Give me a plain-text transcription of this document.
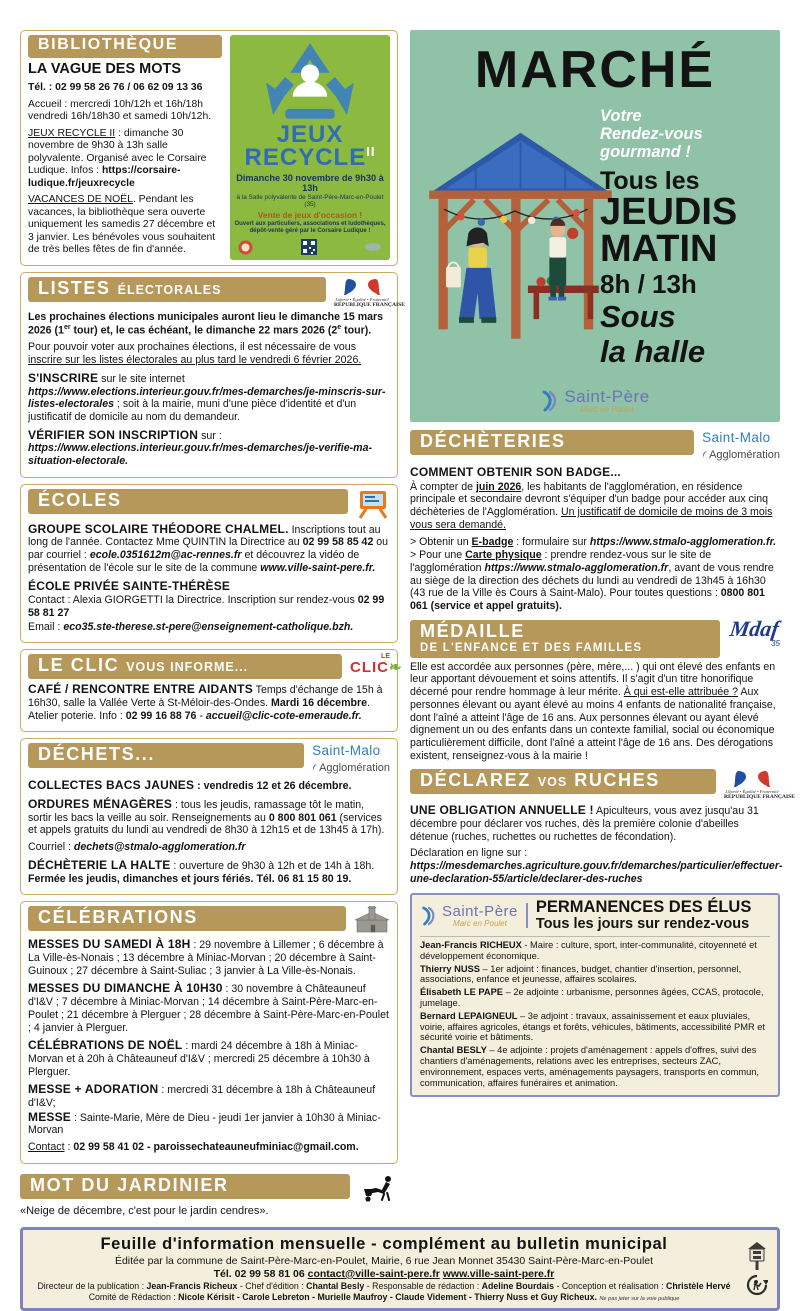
BIBLIOTHÈQUE

LA VAGUE DES MOTS

Tél. : 02 99 58 26 76 / 06 62 09 13 36

Accueil : mercredi 10h/12h et 16h/18h vendredi 16h/18h30 et samedi 10h/12h.

JEUX RECYCLE II : dimanche 30 novembre de 9h30 à 13h salle polyvalente. Organisé avec le Corsaire Ludique. Infos : https://corsaire-ludique.fr/jeuxrecycle

VACANCES DE NOËL. Pendant les vacances, la bibliothèque sera ouverte uniquement les samedis 27 décembre et 3 janvier. Les bénévoles vous souhaitent de très belles fêtes de fin d'année.

JEUX
$RECYCLE^{II}$
Dimanche 30 novembre de 9h30 à 13h
à la Salle polyvalente de Saint-Père-Marc-en-Poulet (35)
Vente de jeux d'occasion !
Ouvert aux particuliers, associations et ludothèques,
dépôt-vente géré par le Corsaire Ludique !
LISTES ÉLECTORALES
Liberté • Égalité • Fraternité
RÉPUBLIQUE FRANÇAISE

Les prochaines élections municipales auront lieu le dimanche 15 mars 2026 (1er tour) et, le cas échéant, le dimanche 22 mars 2026 (2e tour).

Pour pouvoir voter aux prochaines élections, il est nécessaire de vous inscrire sur les listes électorales au plus tard le vendredi 6 février 2026.

S'INSCRIRE sur le site internet https://www.elections.interieur.gouv.fr/mes-demarches/je-minscris-sur-listes-electorales ; soit à la mairie, muni d'une pièce d'identité et d'un justificatif de domicile au nom du demandeur.

VÉRIFIER SON INSCRIPTION sur : https://www.elections.interieur.gouv.fr/mes-demarches/je-verifie-ma-situation-electorale.

ÉCOLES

GROUPE SCOLAIRE THÉODORE CHALMEL. Inscriptions tout au long de l'année. Contactez Mme QUINTIN la Directrice au 02 99 58 85 42 ou par courriel : ecole.0351612m@ac-rennes.fr et découvrez la vidéo de présentation de l'école sur le site de la commune www.ville-saint-pere.fr.

ÉCOLE PRIVÉE SAINTE-THÉRÈSE

Contact : Alexia GIORGETTI la Directrice. Inscription sur rendez-vous 02 99 58 81 27

Email : eco35.ste-therese.st-pere@enseignement-catholique.bzh.

LE CLIC VOUS INFORME...
LE
CLIC❧

CAFÉ / RENCONTRE ENTRE AIDANTS Temps d'échange de 15h à 16h30, salle la Vallée Verte à St-Méloir-des-Ondes. Mardi 16 décembre. Atelier poterie. Info : 02 99 16 88 76 - accueil@clic-cote-emeraude.fr.

DÉCHETS...	Saint-Malo
Agglomération

COLLECTES BACS JAUNES : vendredis 12 et 26 décembre.

ORDURES MÉNAGÈRES : tous les jeudis, ramassage tôt le matin, sortir les bacs la veille au soir. Renseignements au 0 800 801 061 (services et appels gratuits du lundi au vendredi de 8h30 à 12h15 et de 13h45 à 17h).

Courriel : dechets@stmalo-agglomeration.fr

DÉCHÈTERIE LA HALTE : ouverture de 9h30 à 12h et de 14h à 18h. Fermée les jeudis, dimanches et jours fériés. Tél. 06 81 15 80 19.

CÉLÉBRATIONS

MESSES DU SAMEDI À 18H : 29 novembre à Lillemer ; 6 décembre à La Ville-ès-Nonais ; 13 décembre à Miniac-Morvan ; 20 décembre à Saint-Guinoux ; 27 décembre à Saint-Suliac ; 3 janvier à La Ville-ès-Nonais.

MESSES DU DIMANCHE À 10H30 : 30 novembre à Châteauneuf d'I&V ; 7 décembre à Miniac-Morvan ; 14 décembre à Saint-Père-Marc-en-Poulet ; 21 décembre à Plerguer ; 28 décembre à Saint-Père-Marc-en-Poulet ; 4 janvier à Plerguer.

CÉLÉBRATIONS DE NOËL : mardi 24 décembre à 18h à Miniac-Morvan et à 20h à Châteauneuf d'I&V ; mercredi 25 décembre à 10h30 à Plerguer.

MESSE + ADORATION : mercredi 31 décembre à 18h à Châteauneuf d'I&V;

MESSE : Sainte-Marie, Mère de Dieu - jeudi 1er janvier à 10h30 à Miniac-Morvan

Contact : 02 99 58 41 02 - paroissechateauneufminiac@gmail.com.

MOT DU JARDINIER

«Neige de décembre, c'est pour le jardin cendres».

MARCHÉ
Votre
Rendez-vous
gourmand !
Tous les
JEUDIS
MATIN
8h / 13h
Sous
la halle
Saint-Père
Marc en Poulet
DÉCHÈTERIES	Saint-Malo
Agglomération

COMMENT OBTENIR SON BADGE...

À compter de juin 2026, les habitants de l'agglomération, en résidence principale et secondaire devront s'équiper d'un badge pour accéder aux cinq déchèteries de l'Agglomération. Un justificatif de domicile de moins de 3 mois vous sera demandé.

> Obtenir un E-badge : formulaire sur https://www.stmalo-agglomeration.fr.

> Pour une Carte physique : prendre rendez-vous sur le site de l'agglomération https://www.stmalo-agglomeration.fr, avant de vous rendre au siège de la direction des déchets du lundi au vendredi de 13h45 à 16h30 (43 rue de la Ville ès Cours à Saint-Malo). Pour toutes questions : 0800 801 061 (service et appel gratuits).

MÉDAILLE
DE L'ENFANCE ET DES FAMILLES
Mdaf
35

Elle est accordée aux personnes (père, mère,... ) qui ont élevé des enfants en leur apportant dévouement et soins attentifs. Il s'agit d'un titre honorifique décerné pour rendre hommage à leur mérite. À qui est-elle attribuée ? Aux personnes élevant ou ayant élevé au moins 4 enfants de nationalité française, dont l'aîné a atteint l'âge de 16 ans. Aux personnes élevant ou ayant élevé dignement un ou des enfants dans un contexte familial, social ou économique particulièrement difficile, dont l'aîné a atteint l'âge de 16 ans. Des dérogations existent, renseignez-vous à la mairie !

DÉCLAREZ VOS RUCHES
Liberté • Égalité • Fraternité
RÉPUBLIQUE FRANÇAISE

UNE OBLIGATION ANNUELLE ! Apiculteurs, vous avez jusqu'au 31 décembre pour déclarer vos ruches, dès la première colonie d'abeilles détenue (ruches, ruchettes ou ruchettes de fécondation).

Déclaration en ligne sur : https://mesdemarches.agriculture.gouv.fr/demarches/particulier/effectuer-une-declaration-55/article/declarer-des-ruches

Saint-Père
Marc en Poulet
PERMANENCES DES ÉLUS
Tous les jours sur rendez-vous

Jean-Francis RICHEUX - Maire : culture, sport, inter-communalité, citoyenneté et développement économique.

Thierry NUSS – 1er adjoint : finances, budget, chantier d'insertion, personnel, associations, enfance et jeunesse, affaires scolaires.

Élisabeth LE PAPE – 2e adjointe : urbanisme, personnes âgées, CCAS, protocole, jumelage.

Bernard LEPAIGNEUL – 3e adjoint : travaux, assainissement et eaux pluviales, voirie, affaires agricoles, étangs et forêts, véhicules, bâtiments, accessibilité PMR et sécurité voirie et bâtiments.

Chantal BESLY – 4e adjointe : projets d'aménagement : appels d'offres, suivi des chantiers d'aménagements, relations avec les entreprises, secteurs ZAC, environnement, espaces verts, aménagements paysagers, transports en commun, communication, affaires funéraires et animation.

Feuille d'information mensuelle - complément au bulletin municipal
Éditée par la commune de Saint-Père-Marc-en-Poulet, Mairie, 6 rue Jean Monnet 35430 Saint-Père-Marc-en-Poulet
Tél. 02 99 58 81 06 contact@ville-saint-pere.fr www.ville-saint-pere.fr
Directeur de la publication : Jean-Francis Richeux - Chef d'édition : Chantal Besly - Responsable de rédaction : Adeline Bourdais - Conception et réalisation : Christèle Hervé
Comité de Rédaction : Nicole Kérisit - Carole Lebreton - Murielle Maufroy - Claude Videment - Thierry Nuss et Guy Richeux. Ne pas jeter sur la voie publique
